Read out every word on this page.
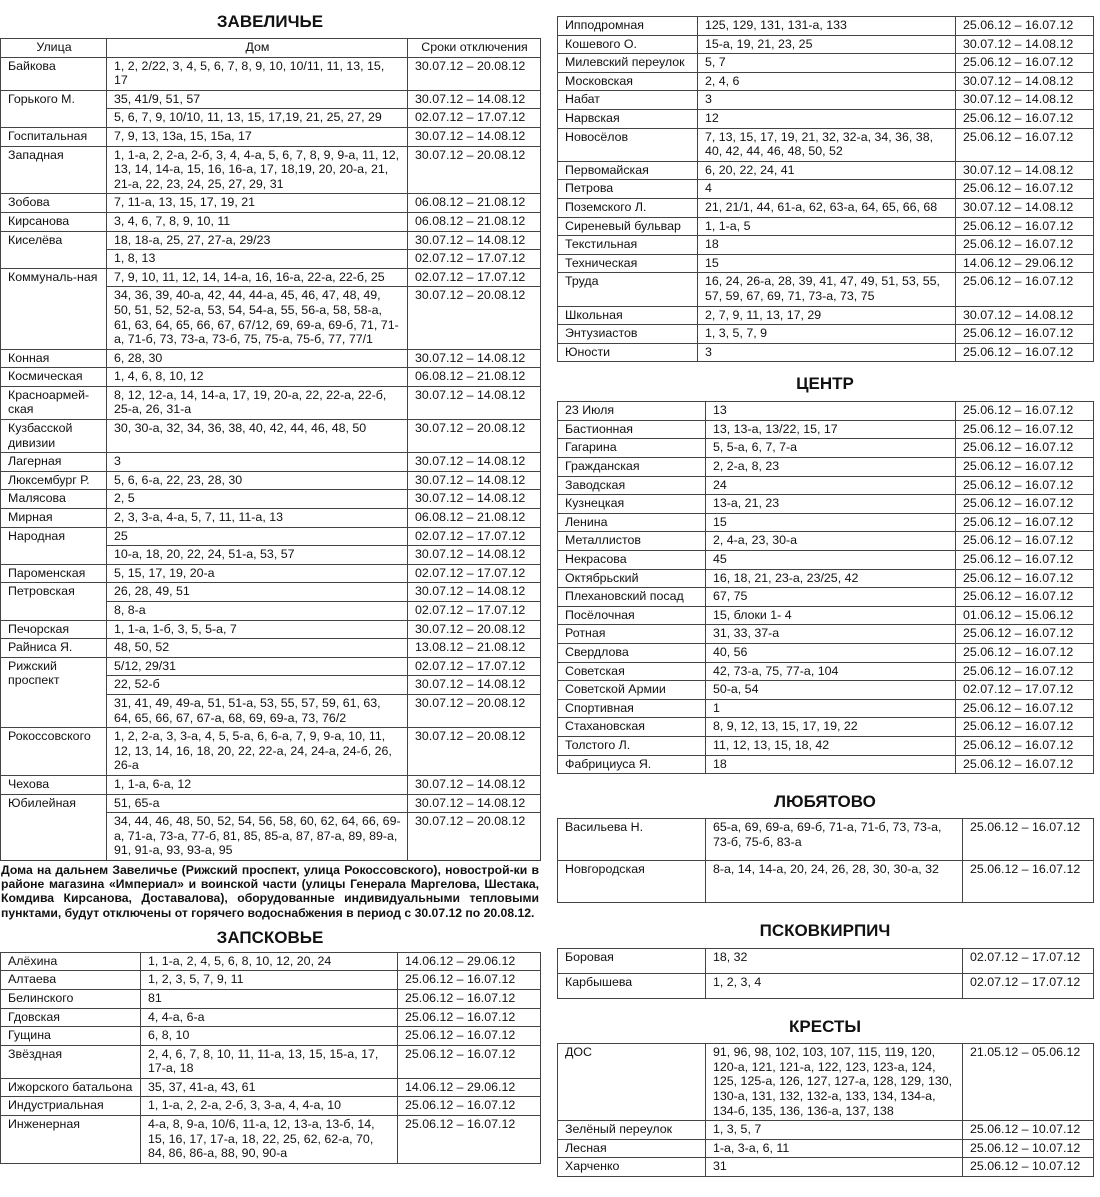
ЗАВЕЛИЧЬЕ
Улица	Дом	Сроки отключения
Байкова	1, 2, 2/22, 3, 4, 5, 6, 7, 8, 9, 10, 10/11, 11, 13, 15, 17	30.07.12 – 20.08.12
Горького М.	35, 41/9, 51, 57	30.07.12 – 14.08.12
	5, 6, 7, 9, 10/10, 11, 13, 15, 17,19, 21, 25, 27, 29	02.07.12 – 17.07.12
Госпитальная	7, 9, 13, 13а, 15, 15а, 17	30.07.12 – 14.08.12
Западная	1, 1-а, 2, 2-а, 2-б, 3, 4, 4-а, 5, 6, 7, 8, 9, 9-а, 11, 12, 13, 14, 14-а, 15, 16, 16-а, 17, 18,19, 20, 20-а, 21, 21-а, 22, 23, 24, 25, 27, 29, 31	30.07.12 – 20.08.12
Зобова	7, 11-а, 13, 15, 17, 19, 21	06.08.12 – 21.08.12
Кирсанова	3, 4, 6, 7, 8, 9, 10, 11	06.08.12 – 21.08.12
Киселёва	18, 18-а, 25, 27, 27-а, 29/23	30.07.12 – 14.08.12
	1, 8, 13	02.07.12 – 17.07.12
Коммуналь-ная	7, 9, 10, 11, 12, 14, 14-а, 16, 16-а, 22-а, 22-б, 25	02.07.12 – 17.07.12
	34, 36, 39, 40-а, 42, 44, 44-а, 45, 46, 47, 48, 49, 50, 51, 52, 52-а, 53, 54, 54-а, 55, 56-а, 58, 58-а, 61, 63, 64, 65, 66, 67, 67/12, 69, 69-а, 69-б, 71, 71-а, 71-б, 73, 73-а, 73-б, 75, 75-а, 75-б, 77, 77/1	30.07.12 – 20.08.12
Конная	6, 28, 30	30.07.12 – 14.08.12
Космическая	1, 4, 6, 8, 10, 12	06.08.12 – 21.08.12
Красноармей-ская	8, 12, 12-а, 14, 14-а, 17, 19, 20-а, 22, 22-а, 22-б, 25-а, 26, 31-а	30.07.12 – 14.08.12
Кузбасской дивизии	30, 30-а, 32, 34, 36, 38, 40, 42, 44, 46, 48, 50	30.07.12 – 20.08.12
Лагерная	3	30.07.12 – 14.08.12
Люксембург Р.	5, 6, 6-а, 22, 23, 28, 30	30.07.12 – 14.08.12
Малясова	2, 5	30.07.12 – 14.08.12
Мирная	2, 3, 3-а, 4-а, 5, 7, 11, 11-а, 13	06.08.12 – 21.08.12
Народная	25	02.07.12 – 17.07.12
	10-а, 18, 20, 22, 24, 51-а, 53, 57	30.07.12 – 14.08.12
Пароменская	5, 15, 17, 19, 20-а	02.07.12 – 17.07.12
Петровская	26, 28, 49, 51	30.07.12 – 14.08.12
	8, 8-а	02.07.12 – 17.07.12
Печорская	1, 1-а, 1-б, 3, 5, 5-а, 7	30.07.12 – 20.08.12
Райниса Я.	48, 50, 52	13.08.12 – 21.08.12
Рижский проспект	5/12, 29/31	02.07.12 – 17.07.12
	22, 52-б	30.07.12 – 14.08.12
	31, 41, 49, 49-а, 51, 51-а, 53, 55, 57, 59, 61, 63, 64, 65, 66, 67, 67-а, 68, 69, 69-а, 73, 76/2	30.07.12 – 20.08.12
Рокоссовского	1, 2, 2-а, 3, 3-а, 4, 5, 5-а, 6, 6-а, 7, 9, 9-а, 10, 11, 12, 13, 14, 16, 18, 20, 22, 22-а, 24, 24-а, 24-б, 26, 26-а	30.07.12 – 20.08.12
Чехова	1, 1-а, 6-а, 12	30.07.12 – 14.08.12
Юбилейная	51, 65-а	30.07.12 – 14.08.12
	34, 44, 46, 48, 50, 52, 54, 56, 58, 60, 62, 64, 66, 69-а, 71-а, 73-а, 77-б, 81, 85, 85-а, 87, 87-а, 89, 89-а, 91, 91-а, 93, 93-а, 95	30.07.12 – 20.08.12

Дома на дальнем Завеличье (Рижский проспект, улица Рокоссовского), новострой-ки в районе магазина «Империал» и воинской части (улицы Генерала Маргелова, Шестака, Комдива Кирсанова, Доставалова), оборудованные индивидуальными тепловыми пунктами, будут отключены от горячего водоснабжения в период с 30.07.12 по 20.08.12.

ЗАПСКОВЬЕ
Алёхина	1, 1-а, 2, 4, 5, 6, 8, 10, 12, 20, 24	14.06.12 – 29.06.12
Алтаева	1, 2, 3, 5, 7, 9, 11	25.06.12 – 16.07.12
Белинского	81	25.06.12 – 16.07.12
Гдовская	4, 4-а, 6-а	25.06.12 – 16.07.12
Гущина	6, 8, 10	25.06.12 – 16.07.12
Звёздная	2, 4, 6, 7, 8, 10, 11, 11-а, 13, 15, 15-а, 17, 17-а, 18	25.06.12 – 16.07.12
Ижорского батальона	35, 37, 41-а, 43, 61	14.06.12 – 29.06.12
Индустриальная	1, 1-а, 2, 2-а, 2-б, 3, 3-а, 4, 4-а, 10	25.06.12 – 16.07.12
Инженерная	4-а, 8, 9-а, 10/6, 11-а, 12, 13-а, 13-б, 14, 15, 16, 17, 17-а, 18, 22, 25, 62, 62-а, 70, 84, 86, 86-а, 88, 90, 90-а	25.06.12 – 16.07.12
Ипподромная	125, 129, 131, 131-а, 133	25.06.12 – 16.07.12
Кошевого О.	15-а, 19, 21, 23, 25	30.07.12 – 14.08.12
Милевский переулок	5, 7	25.06.12 – 16.07.12
Московская	2, 4, 6	30.07.12 – 14.08.12
Набат	3	30.07.12 – 14.08.12
Нарвская	12	25.06.12 – 16.07.12
Новосёлов	7, 13, 15, 17, 19, 21, 32, 32-а, 34, 36, 38, 40, 42, 44, 46, 48, 50, 52	25.06.12 – 16.07.12
Первомайская	6, 20, 22, 24, 41	30.07.12 – 14.08.12
Петрова	4	25.06.12 – 16.07.12
Поземского Л.	21, 21/1, 44, 61-а, 62, 63-а, 64, 65, 66, 68	30.07.12 – 14.08.12
Сиреневый бульвар	1, 1-а, 5	25.06.12 – 16.07.12
Текстильная	18	25.06.12 – 16.07.12
Техническая	15	14.06.12 – 29.06.12
Труда	16, 24, 26-а, 28, 39, 41, 47, 49, 51, 53, 55, 57, 59, 67, 69, 71, 73-а, 73, 75	25.06.12 – 16.07.12
Школьная	2, 7, 9, 11, 13, 17, 29	30.07.12 – 14.08.12
Энтузиастов	1, 3, 5, 7, 9	25.06.12 – 16.07.12
Юности	3	25.06.12 – 16.07.12
ЦЕНТР
23 Июля	13	25.06.12 – 16.07.12
Бастионная	13, 13-а, 13/22, 15, 17	25.06.12 – 16.07.12
Гагарина	5, 5-а, 6, 7, 7-а	25.06.12 – 16.07.12
Гражданская	2, 2-а, 8, 23	25.06.12 – 16.07.12
Заводская	24	25.06.12 – 16.07.12
Кузнецкая	13-а, 21, 23	25.06.12 – 16.07.12
Ленина	15	25.06.12 – 16.07.12
Металлистов	2, 4-а, 23, 30-а	25.06.12 – 16.07.12
Некрасова	45	25.06.12 – 16.07.12
Октябрьский	16, 18, 21, 23-а, 23/25, 42	25.06.12 – 16.07.12
Плехановский посад	67, 75	25.06.12 – 16.07.12
Посёлочная	15, блоки 1- 4	01.06.12 – 15.06.12
Ротная	31, 33, 37-а	25.06.12 – 16.07.12
Свердлова	40, 56	25.06.12 – 16.07.12
Советская	42, 73-а, 75, 77-а, 104	25.06.12 – 16.07.12
Советской Армии	50-а, 54	02.07.12 – 17.07.12
Спортивная	1	25.06.12 – 16.07.12
Стахановская	8, 9, 12, 13, 15, 17, 19, 22	25.06.12 – 16.07.12
Толстого Л.	11, 12, 13, 15, 18, 42	25.06.12 – 16.07.12
Фабрициуса Я.	18	25.06.12 – 16.07.12
ЛЮБЯТОВО
Васильева Н.	65-а, 69, 69-а, 69-б, 71-а, 71-б, 73, 73-а, 73-б, 75-б, 83-а	25.06.12 – 16.07.12
Новгородская	8-а, 14, 14-а, 20, 24, 26, 28, 30, 30-а, 32	25.06.12 – 16.07.12
ПСКОВКИРПИЧ
Боровая	18, 32	02.07.12 – 17.07.12
Карбышева	1, 2, 3, 4	02.07.12 – 17.07.12
КРЕСТЫ
ДОС	91, 96, 98, 102, 103, 107, 115, 119, 120, 120-а, 121, 121-а, 122, 123, 123-а, 124, 125, 125-а, 126, 127, 127-а, 128, 129, 130, 130-а, 131, 132, 132-а, 133, 134, 134-а, 134-б, 135, 136, 136-а, 137, 138	21.05.12 – 05.06.12
Зелёный переулок	1, 3, 5, 7	25.06.12 – 10.07.12
Лесная	1-а, 3-а, 6, 11	25.06.12 – 10.07.12
Харченко	31	25.06.12 – 10.07.12
